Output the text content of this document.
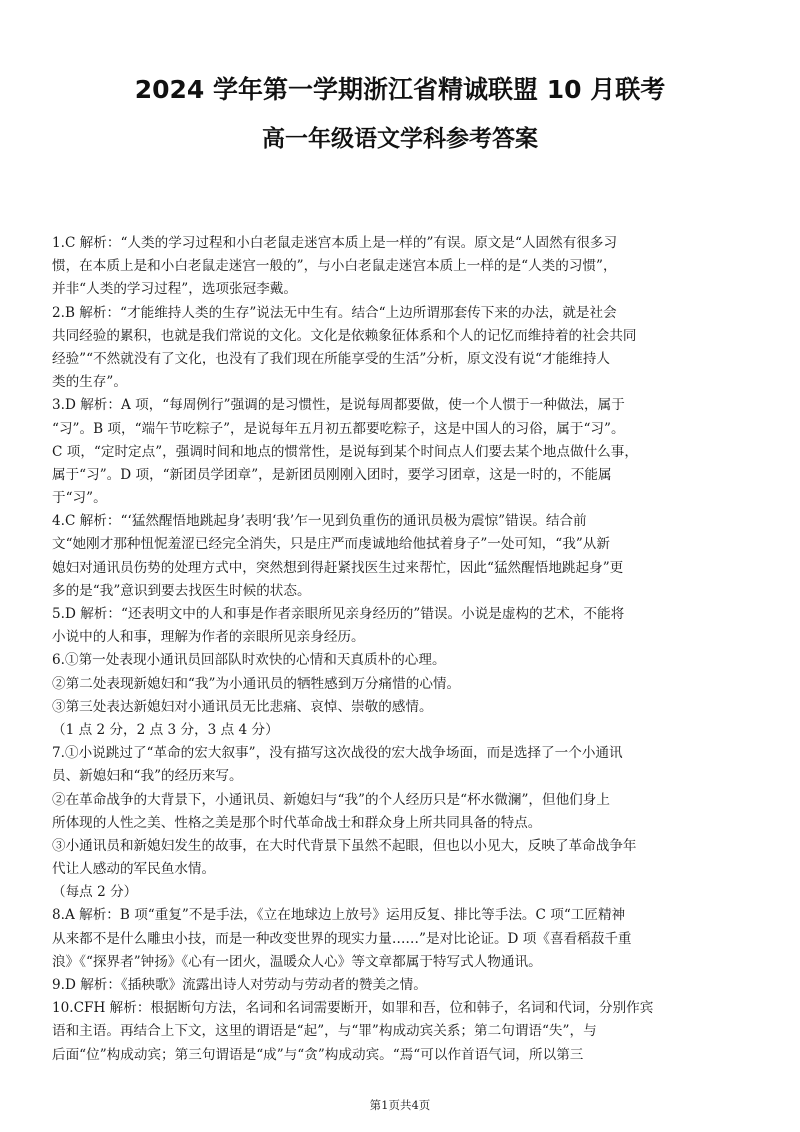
2024 学年第一学期浙江省精诚联盟 10 月联考
高一年级语文学科参考答案
1.C 解析：“人类的学习过程和小白老鼠走迷宫本质上是一样的”有误。原文是“人固然有很多习
惯，在本质上是和小白老鼠走迷宫一般的”，与小白老鼠走迷宫本质上一样的是“人类的习惯”，
并非“人类的学习过程”，选项张冠李戴。
2.B 解析：“才能维持人类的生存”说法无中生有。结合“上边所谓那套传下来的办法，就是社会
共同经验的累积，也就是我们常说的文化。文化是依赖象征体系和个人的记忆而维持着的社会共同
经验”“不然就没有了文化，也没有了我们现在所能享受的生活”分析，原文没有说“才能维持人
类的生存”。
3.D 解析：A 项，“每周例行”强调的是习惯性，是说每周都要做，使一个人惯于一种做法，属于
“习”。B 项，“端午节吃粽子”，是说每年五月初五都要吃粽子，这是中国人的习俗，属于“习”。
C 项，“定时定点”，强调时间和地点的惯常性，是说每到某个时间点人们要去某个地点做什么事，
属于“习”。D 项，“新团员学团章”，是新团员刚刚入团时，要学习团章，这是一时的，不能属
于“习”。
4.C 解析：“‘猛然醒悟地跳起身’表明‘我’乍一见到负重伤的通讯员极为震惊”错误。结合前
文“她刚才那种忸怩羞涩已经完全消失，只是庄严而虔诚地给他拭着身子”一处可知，“我”从新
媳妇对通讯员伤势的处理方式中，突然想到得赶紧找医生过来帮忙，因此“猛然醒悟地跳起身”更
多的是“我”意识到要去找医生时候的状态。
5.D 解析：“还表明文中的人和事是作者亲眼所见亲身经历的”错误。小说是虚构的艺术，不能将
小说中的人和事，理解为作者的亲眼所见亲身经历。
6.①第一处表现小通讯员回部队时欢快的心情和天真质朴的心理。
②第二处表现新媳妇和“我”为小通讯员的牺牲感到万分痛惜的心情。
③第三处表达新媳妇对小通讯员无比悲痛、哀悼、崇敬的感情。
（1 点 2 分，2 点 3 分，3 点 4 分）
7.①小说跳过了“革命的宏大叙事”，没有描写这次战役的宏大战争场面，而是选择了一个小通讯
员、新媳妇和“我”的经历来写。
②在革命战争的大背景下，小通讯员、新媳妇与“我”的个人经历只是“杯水微澜”，但他们身上
所体现的人性之美、性格之美是那个时代革命战士和群众身上所共同具备的特点。
③小通讯员和新媳妇发生的故事，在大时代背景下虽然不起眼，但也以小见大，反映了革命战争年
代让人感动的军民鱼水情。
（每点 2 分）
8.A 解析：B 项“重复”不是手法，《立在地球边上放号》运用反复、排比等手法。C 项“工匠精神
从来都不是什么雕虫小技，而是一种改变世界的现实力量……”是对比论证。D 项《喜看稻菽千重
浪》《“探界者”钟扬》《心有一团火，温暖众人心》等文章都属于特写式人物通讯。
9.D 解析：《插秧歌》流露出诗人对劳动与劳动者的赞美之情。
10.CFH 解析：根据断句方法，名词和名词需要断开，如罪和吾，位和韩子，名词和代词，分别作宾
语和主语。再结合上下文，这里的谓语是“起”，与“罪”构成动宾关系；第二句谓语“失”，与
后面“位”构成动宾；第三句谓语是“成”与“贪”构成动宾。“焉“可以作首语气词，所以第三
第1页共4页
